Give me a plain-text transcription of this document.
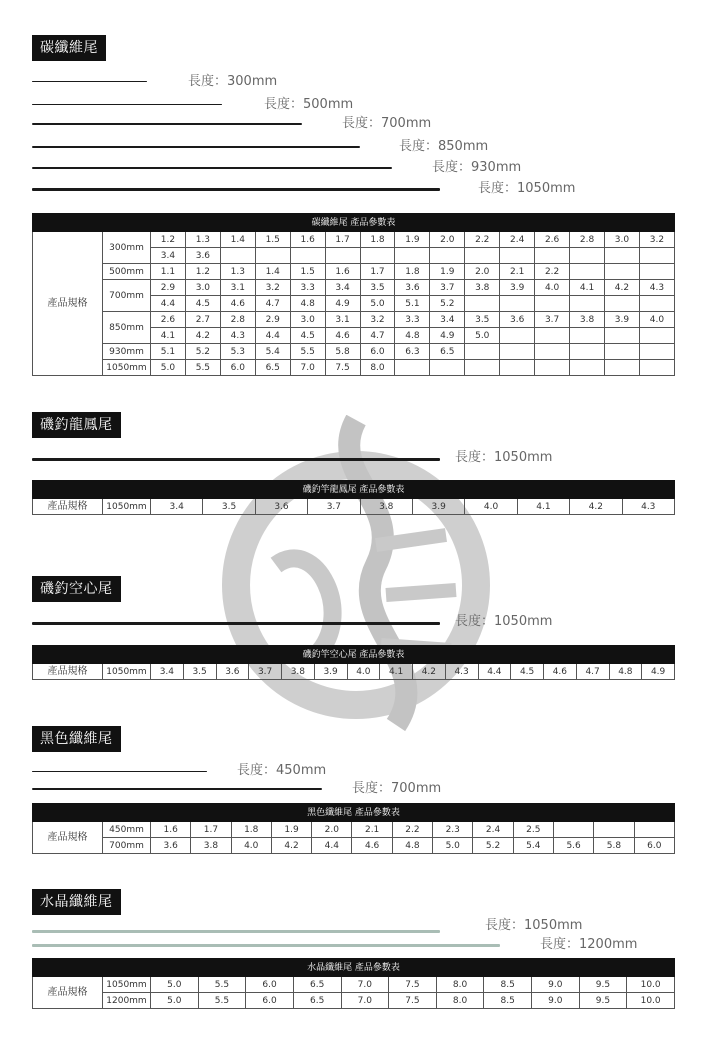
碳纖維尾
長度：300mm
長度：500mm
長度：700mm
長度：850mm
長度：930mm
長度：1050mm
碳纖維尾 產品參數表																
產品規格	300mm	1.2	1.3	1.4	1.5	1.6	1.7	1.8	1.9	2.0	2.2	2.4	2.6	2.8	3.0	3.2
		3.4	3.6													
	500mm	1.1	1.2	1.3	1.4	1.5	1.6	1.7	1.8	1.9	2.0	2.1	2.2			
	700mm	2.9	3.0	3.1	3.2	3.3	3.4	3.5	3.6	3.7	3.8	3.9	4.0	4.1	4.2	4.3
		4.4	4.5	4.6	4.7	4.8	4.9	5.0	5.1	5.2						
	850mm	2.6	2.7	2.8	2.9	3.0	3.1	3.2	3.3	3.4	3.5	3.6	3.7	3.8	3.9	4.0
		4.1	4.2	4.3	4.4	4.5	4.6	4.7	4.8	4.9	5.0					
	930mm	5.1	5.2	5.3	5.4	5.5	5.8	6.0	6.3	6.5						
	1050mm	5.0	5.5	6.0	6.5	7.0	7.5	8.0								
磯釣龍鳳尾
長度：1050mm
磯釣竿龍鳳尾 產品參數表
產品規格	1050mm	3.4	3.5	3.6	3.7	3.8	3.9	4.0	4.1	4.2	4.3
磯釣空心尾
長度：1050mm
磯釣竿空心尾 產品參數表
產品規格	1050mm	3.4	3.5	3.6	3.7	3.8	3.9	4.0	4.1	4.2	4.3	4.4	4.5	4.6	4.7	4.8	4.9
黑色纖維尾
長度：450mm
長度：700mm
黑色纖維尾 產品參數表														
產品規格	450mm	1.6	1.7	1.8	1.9	2.0	2.1	2.2	2.3	2.4	2.5			
	700mm	3.6	3.8	4.0	4.2	4.4	4.6	4.8	5.0	5.2	5.4	5.6	5.8	6.0
水晶纖維尾
長度：1050mm
長度：1200mm
水晶纖維尾 產品參數表												
產品規格	1050mm	5.0	5.5	6.0	6.5	7.0	7.5	8.0	8.5	9.0	9.5	10.0
	1200mm	5.0	5.5	6.0	6.5	7.0	7.5	8.0	8.5	9.0	9.5	10.0
